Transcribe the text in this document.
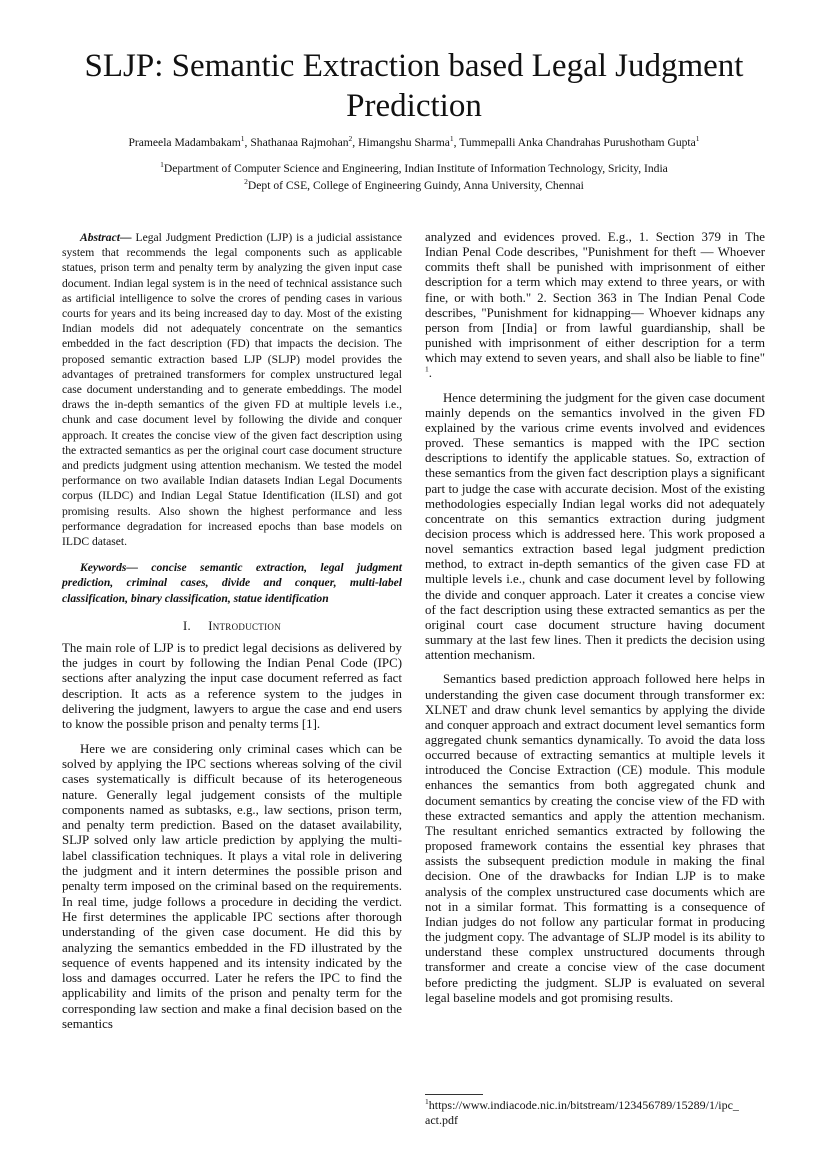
SLJP: Semantic Extraction based Legal Judgment Prediction
Prameela Madambakam$^1$, Shathanaa Rajmohan$^2$, Himangshu Sharma$^1$, Tummepalli Anka Chandrahas Purushotham Gupta$^1$
$^1$Department of Computer Science and Engineering, Indian Institute of Information Technology, Sricity, India
$^2$Dept of CSE, College of Engineering Guindy, Anna University, Chennai

Abstract— Legal Judgment Prediction (LJP) is a judicial assistance system that recommends the legal components such as applicable statues, prison term and penalty term by analyzing the given input case document. Indian legal system is in the need of technical assistance such as artificial intelligence to solve the crores of pending cases in various courts for years and its being increased day to day. Most of the existing Indian models did not adequately concentrate on the semantics embedded in the fact description (FD) that impacts the decision. The proposed semantic extraction based LJP (SLJP) model provides the advantages of pretrained transformers for complex unstructured legal case document understanding and to generate embeddings. The model draws the in-depth semantics of the given FD at multiple levels i.e., chunk and case document level by following the divide and conquer approach. It creates the concise view of the given fact description using the extracted semantics as per the original court case document structure and predicts judgment using attention mechanism. We tested the model performance on two available Indian datasets Indian Legal Documents corpus (ILDC) and Indian Legal Statue Identification (ILSI) and got promising results. Also shown the highest performance and less performance degradation for increased epochs than base models on ILDC dataset.

Keywords— concise semantic extraction, legal judgment prediction, criminal cases, divide and conquer, multi-label classification, binary classification, statue identification

I. Introduction

The main role of LJP is to predict legal decisions as delivered by the judges in court by following the Indian Penal Code (IPC) sections after analyzing the input case document referred as fact description. It acts as a reference system to the judges in delivering the judgment, lawyers to argue the case and end users to know the possible prison and penalty terms [1].

Here we are considering only criminal cases which can be solved by applying the IPC sections whereas solving of the civil cases systematically is difficult because of its heterogeneous nature. Generally legal judgement consists of the multiple components named as subtasks, e.g., law sections, prison term, and penalty term prediction. Based on the dataset availability, SLJP solved only law article prediction by applying the multi-label classification techniques. It plays a vital role in delivering the judgment and it intern determines the possible prison and penalty term imposed on the criminal based on the requirements. In real time, judge follows a procedure in deciding the verdict. He first determines the applicable IPC sections after thorough understanding of the given case document. He did this by analyzing the semantics embedded in the FD illustrated by the sequence of events happened and its intensity indicated by the loss and damages occurred. Later he refers the IPC to find the applicability and limits of the prison and penalty term for the corresponding law section and make a final decision based on the semantics

analyzed and evidences proved. E.g., 1. Section 379 in The Indian Penal Code describes, "Punishment for theft — Whoever commits theft shall be punished with imprisonment of either description for a term which may extend to three years, or with fine, or with both." 2. Section 363 in The Indian Penal Code describes, "Punishment for kidnapping— Whoever kidnaps any person from [India] or from lawful guardianship, shall be punished with imprisonment of either description for a term which may extend to seven years, and shall also be liable to fine" $^1$.

Hence determining the judgment for the given case document mainly depends on the semantics involved in the given FD explained by the various crime events involved and evidences proved. These semantics is mapped with the IPC section descriptions to identify the applicable statues. So, extraction of these semantics from the given fact description plays a significant part to judge the case with accurate decision. Most of the existing methodologies especially Indian legal works did not adequately concentrate on this semantics extraction during judgment decision process which is addressed here. This work proposed a novel semantics extraction based legal judgment prediction method, to extract in-depth semantics of the given case FD at multiple levels i.e., chunk and case document level by following the divide and conquer approach. Later it creates a concise view of the fact description using these extracted semantics as per the original court case document structure having document summary at the last few lines. Then it predicts the decision using attention mechanism.

Semantics based prediction approach followed here helps in understanding the given case document through transformer ex: XLNET and draw chunk level semantics by applying the divide and conquer approach and extract document level semantics form aggregated chunk semantics dynamically. To avoid the data loss occurred because of extracting semantics at multiple levels it introduced the Concise Extraction (CE) module. This module enhances the semantics from both aggregated chunk and document semantics by creating the concise view of the FD with these extracted semantics and apply the attention mechanism. The resultant enriched semantics extracted by following the proposed framework contains the essential key phrases that assists the subsequent prediction module in making the final decision. One of the drawbacks for Indian LJP is to make analysis of the complex unstructured case documents which are not in a similar format. This formatting is a consequence of Indian judges do not follow any particular format in producing the judgment copy. The advantage of SLJP model is its ability to understand these complex unstructured documents through transformer and create a concise view of the case document before predicting the judgment. SLJP is evaluated on several legal baseline models and got promising results.

$^1$https://www.indiacode.nic.in/bitstream/123456789/15289/1/ipc_ act.pdf
